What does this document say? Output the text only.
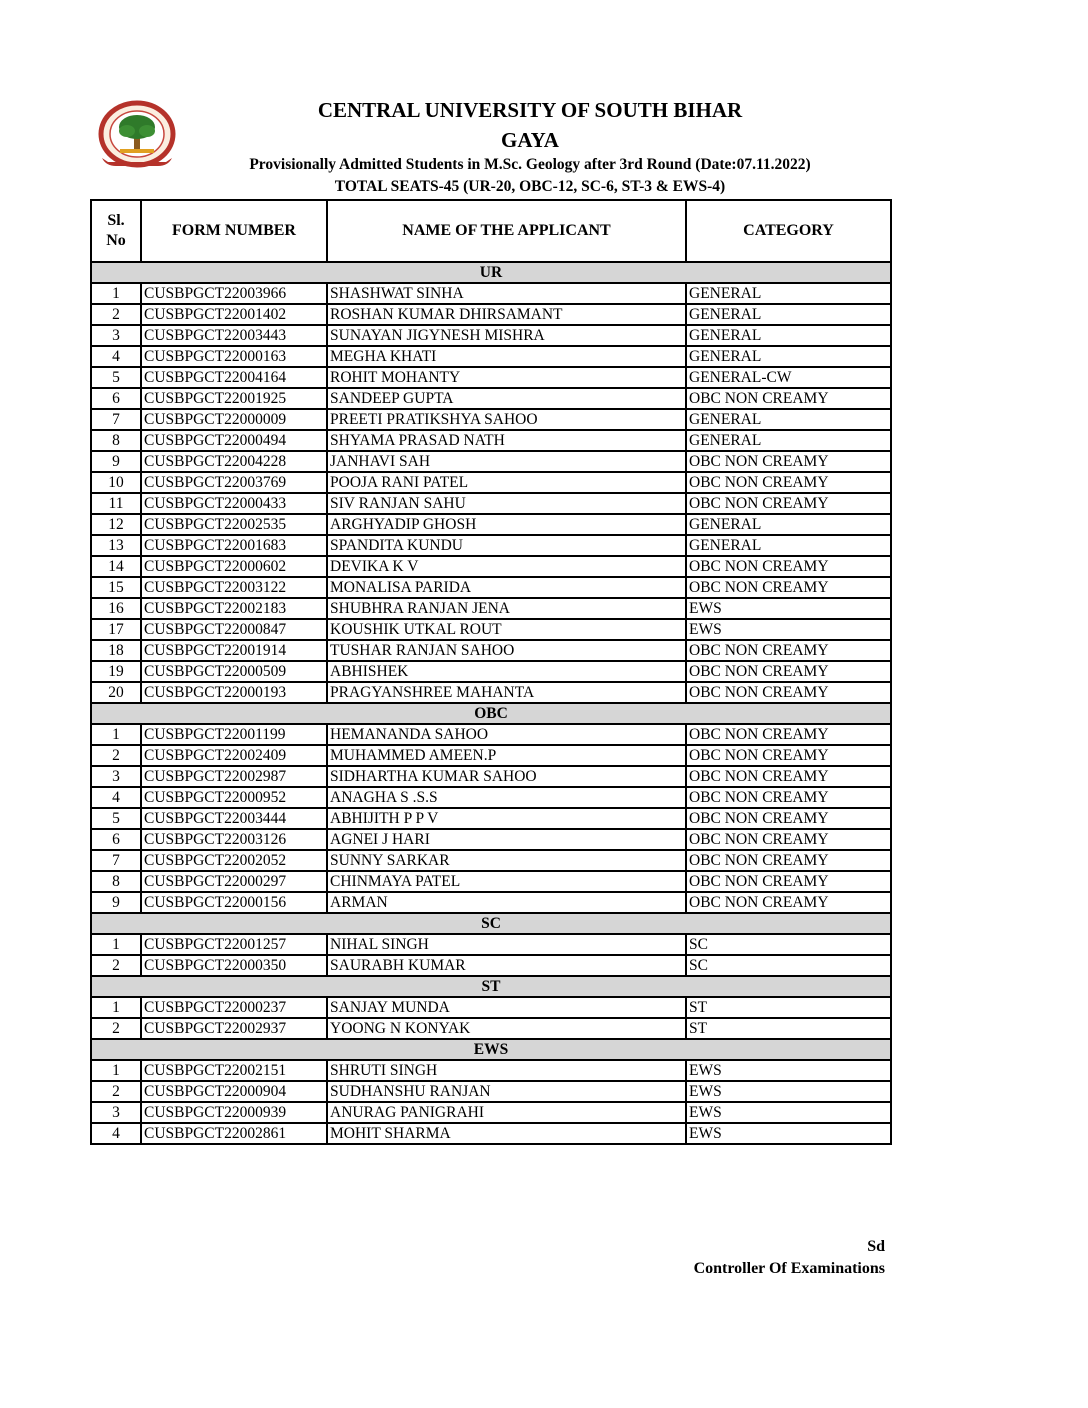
CENTRAL UNIVERSITY OF SOUTH BIHAR
GAYA
Provisionally Admitted Students in M.Sc. Geology after 3rd Round (Date:07.11.2022)
TOTAL SEATS-45 (UR-20, OBC-12, SC-6, ST-3 & EWS-4)
Sl.
No	FORM NUMBER	NAME OF THE APPLICANT	CATEGORY
UR			
1	CUSBPGCT22003966	SHASHWAT SINHA	GENERAL
2	CUSBPGCT22001402	ROSHAN KUMAR DHIRSAMANT	GENERAL
3	CUSBPGCT22003443	SUNAYAN JIGYNESH MISHRA	GENERAL
4	CUSBPGCT22000163	MEGHA KHATI	GENERAL
5	CUSBPGCT22004164	ROHIT MOHANTY	GENERAL-CW
6	CUSBPGCT22001925	SANDEEP GUPTA	OBC NON CREAMY
7	CUSBPGCT22000009	PREETI PRATIKSHYA SAHOO	GENERAL
8	CUSBPGCT22000494	SHYAMA PRASAD NATH	GENERAL
9	CUSBPGCT22004228	JANHAVI SAH	OBC NON CREAMY
10	CUSBPGCT22003769	POOJA RANI PATEL	OBC NON CREAMY
11	CUSBPGCT22000433	SIV RANJAN SAHU	OBC NON CREAMY
12	CUSBPGCT22002535	ARGHYADIP GHOSH	GENERAL
13	CUSBPGCT22001683	SPANDITA KUNDU	GENERAL
14	CUSBPGCT22000602	DEVIKA K V	OBC NON CREAMY
15	CUSBPGCT22003122	MONALISA PARIDA	OBC NON CREAMY
16	CUSBPGCT22002183	SHUBHRA RANJAN JENA	EWS
17	CUSBPGCT22000847	KOUSHIK UTKAL ROUT	EWS
18	CUSBPGCT22001914	TUSHAR RANJAN SAHOO	OBC NON CREAMY
19	CUSBPGCT22000509	ABHISHEK	OBC NON CREAMY
20	CUSBPGCT22000193	PRAGYANSHREE MAHANTA	OBC NON CREAMY
OBC			
1	CUSBPGCT22001199	HEMANANDA SAHOO	OBC NON CREAMY
2	CUSBPGCT22002409	MUHAMMED AMEEN.P	OBC NON CREAMY
3	CUSBPGCT22002987	SIDHARTHA KUMAR SAHOO	OBC NON CREAMY
4	CUSBPGCT22000952	ANAGHA S .S.S	OBC NON CREAMY
5	CUSBPGCT22003444	ABHIJITH P P V	OBC NON CREAMY
6	CUSBPGCT22003126	AGNEI J HARI	OBC NON CREAMY
7	CUSBPGCT22002052	SUNNY SARKAR	OBC NON CREAMY
8	CUSBPGCT22000297	CHINMAYA PATEL	OBC NON CREAMY
9	CUSBPGCT22000156	ARMAN	OBC NON CREAMY
SC			
1	CUSBPGCT22001257	NIHAL SINGH	SC
2	CUSBPGCT22000350	SAURABH KUMAR	SC
ST			
1	CUSBPGCT22000237	SANJAY MUNDA	ST
2	CUSBPGCT22002937	YOONG N KONYAK	ST
EWS			
1	CUSBPGCT22002151	SHRUTI SINGH	EWS
2	CUSBPGCT22000904	SUDHANSHU RANJAN	EWS
3	CUSBPGCT22000939	ANURAG PANIGRAHI	EWS
4	CUSBPGCT22002861	MOHIT SHARMA	EWS
Sd
Controller Of Examinations
